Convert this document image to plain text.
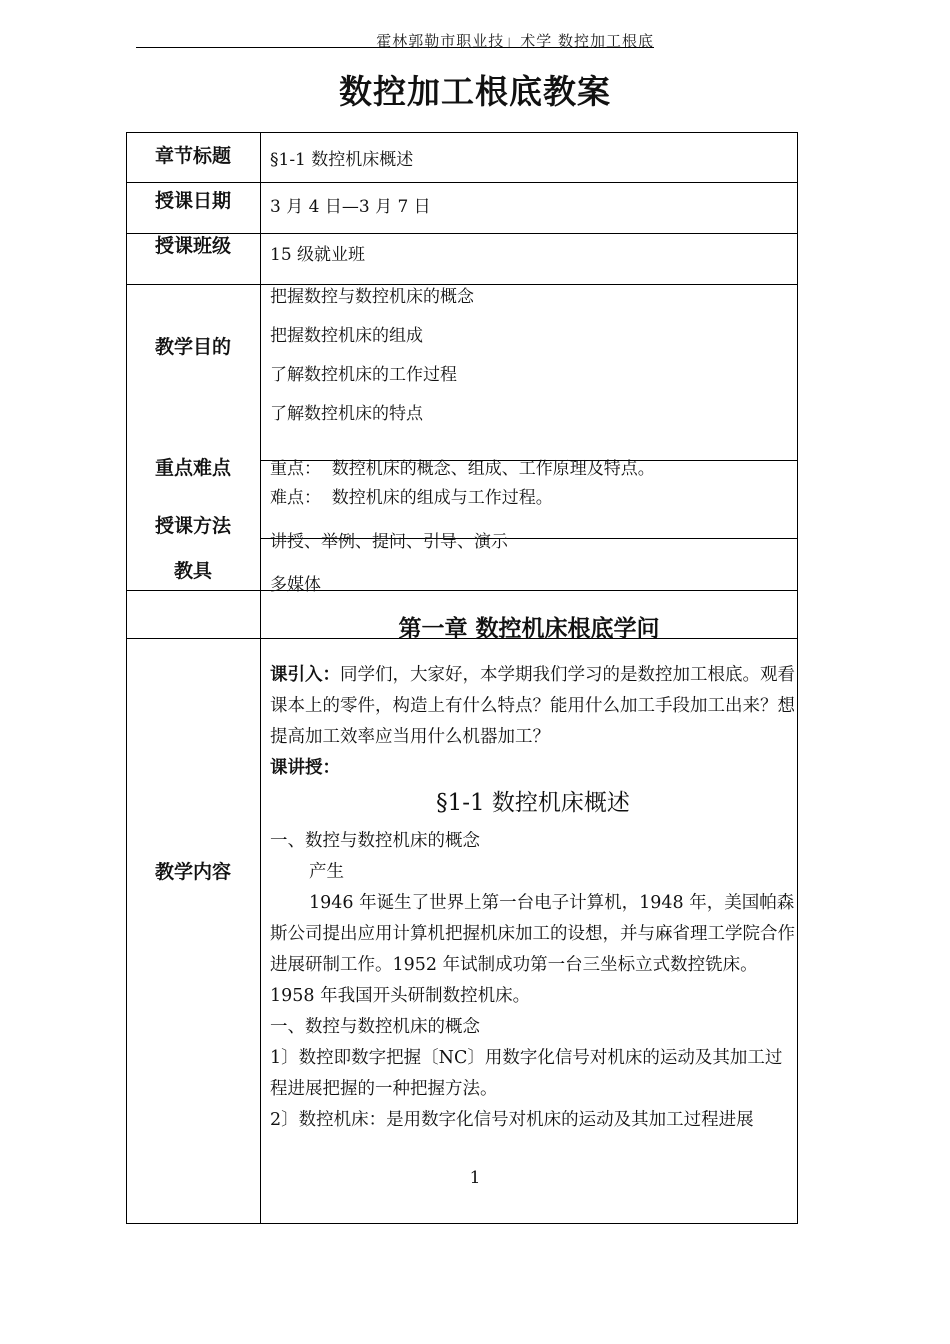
霍林郭勒市职业技」术学 数控加工根底
数控加工根底教案
章节标题
授课日期
授课班级
教学目的
重点难点
授课方法
教具
教学内容
§1-1 数控机床概述
3 月 4 日—3 月 7 日
15 级就业班
把握数控与数控机床的概念
把握数控机床的组成
了解数控机床的工作过程
了解数控机床的特点
重点：  数控机床的概念、组成、工作原理及特点。
难点：  数控机床的组成与工作过程。
讲授、举例、提问、引导、演示
多媒体
第一章 数控机床根底学问

课引入：同学们，大家好，本学期我们学习的是数控加工根底。观看课本上的零件，构造上有什么特点？能用什么加工手段加工出来？想提高加工效率应当用什么机器加工？

课讲授：

§1-1 数控机床概述

一、数控与数控机床的概念

产生

1946 年诞生了世界上第一台电子计算机，1948 年，美国帕森斯公司提出应用计算机把握机床加工的设想，并与麻省理工学院合作进展研制工作。1952 年试制成功第一台三坐标立式数控铣床。1958 年我国开头研制数控机床。

一、数控与数控机床的概念

1〕数控即数字把握〔NC〕用数字化信号对机床的运动及其加工过程进展把握的一种把握方法。

2〕数控机床：是用数字化信号对机床的运动及其加工过程进展

1
